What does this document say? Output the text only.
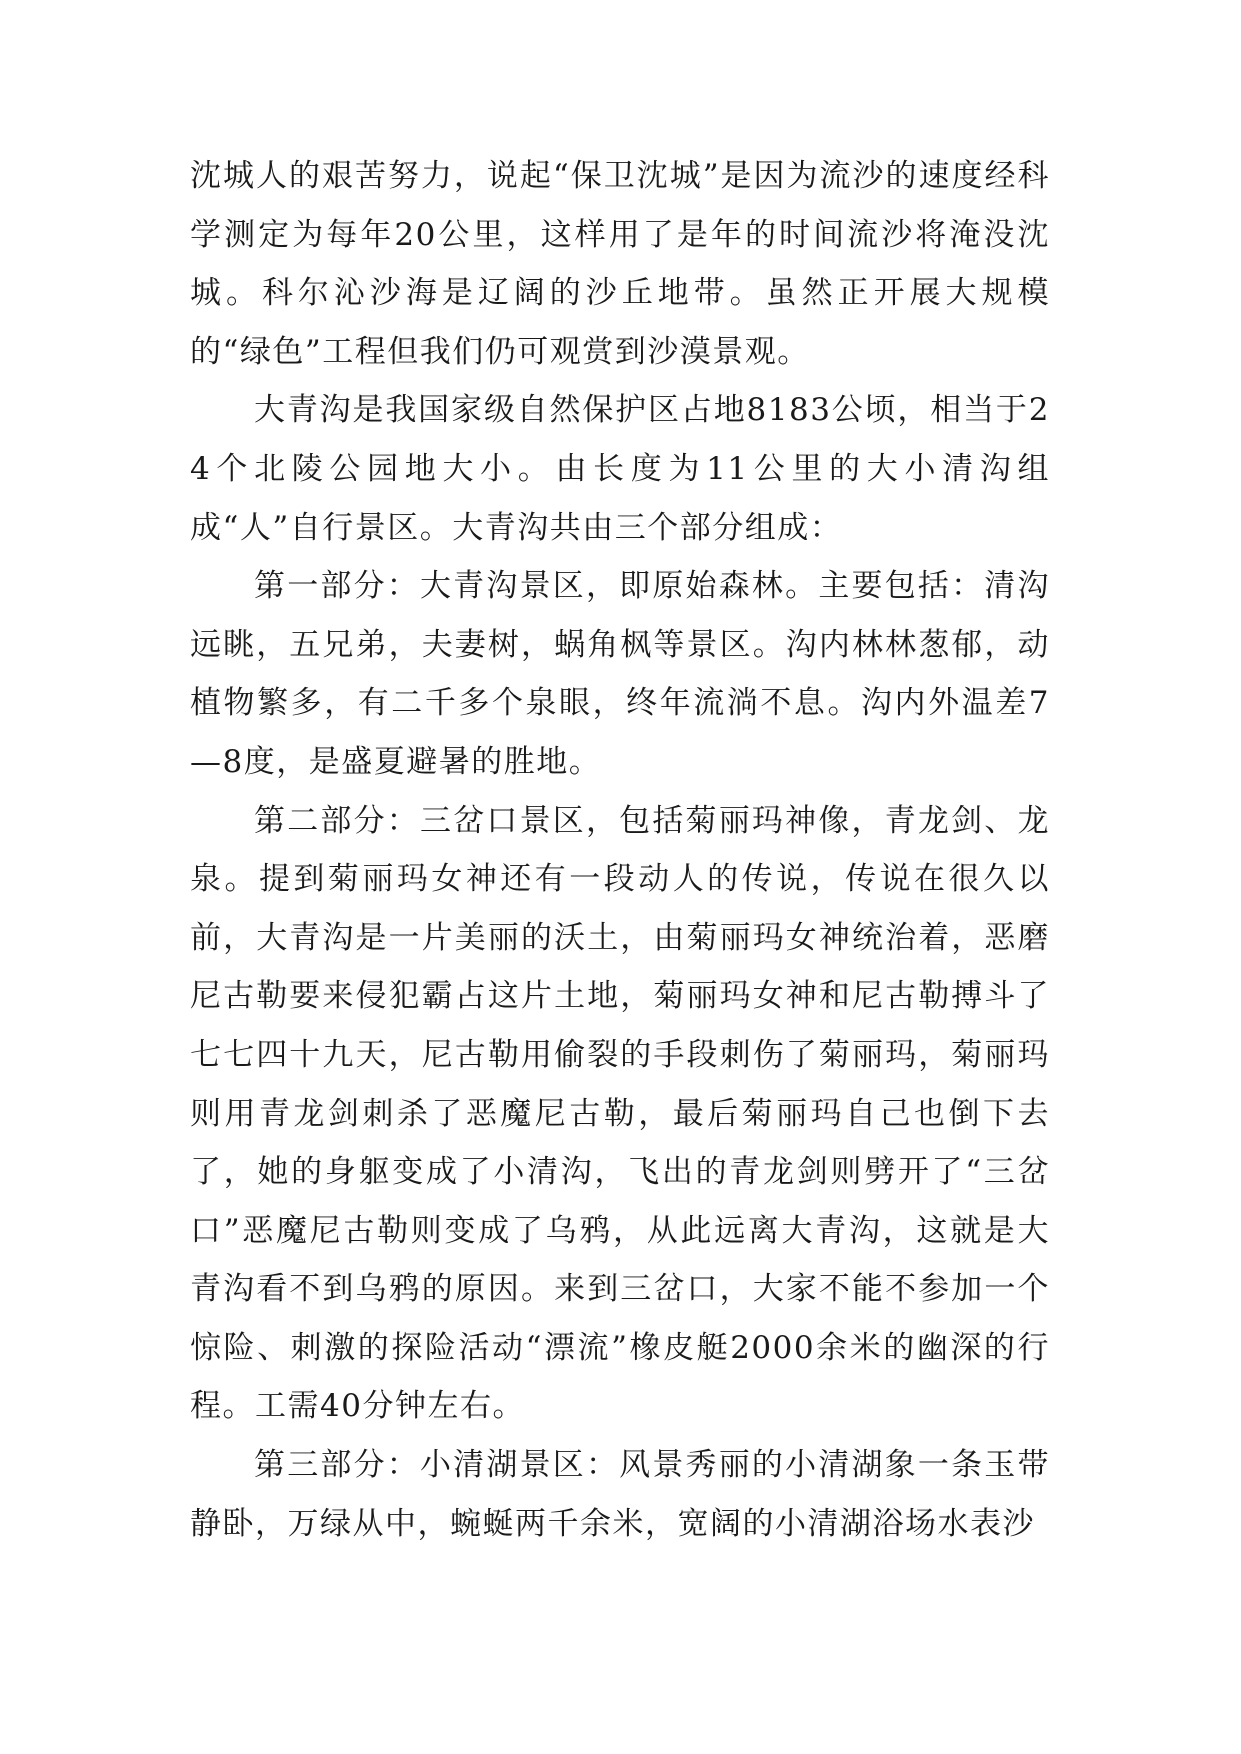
沈城人的艰苦努力，说起“保卫沈城”是因为流沙的速度经科学测定为每年20公里，这样用了是年的时间流沙将淹没沈城。科尔沁沙海是辽阔的沙丘地带。虽然正开展大规模的“绿色”工程但我们仍可观赏到沙漠景观。

大青沟是我国家级自然保护区占地8183公顷，相当于24个北陵公园地大小。由长度为11公里的大小清沟组成“人”自行景区。大青沟共由三个部分组成：

第一部分：大青沟景区，即原始森林。主要包括：清沟远眺，五兄弟，夫妻树，蜗角枫等景区。沟内林林葱郁，动植物繁多，有二千多个泉眼，终年流淌不息。沟内外温差7—8度，是盛夏避暑的胜地。

第二部分：三岔口景区，包括菊丽玛神像，青龙剑、龙泉。提到菊丽玛女神还有一段动人的传说，传说在很久以前，大青沟是一片美丽的沃土，由菊丽玛女神统治着，恶磨尼古勒要来侵犯霸占这片土地，菊丽玛女神和尼古勒搏斗了七七四十九天，尼古勒用偷裂的手段刺伤了菊丽玛，菊丽玛则用青龙剑刺杀了恶魔尼古勒，最后菊丽玛自己也倒下去了，她的身躯变成了小清沟，飞出的青龙剑则劈开了“三岔口”恶魔尼古勒则变成了乌鸦，从此远离大青沟，这就是大青沟看不到乌鸦的原因。来到三岔口，大家不能不参加一个惊险、刺激的探险活动“漂流”橡皮艇2000余米的幽深的行程。工需40分钟左右。

第三部分：小清湖景区：风景秀丽的小清湖象一条玉带静卧，万绿从中，蜿蜒两千余米，宽阔的小清湖浴场水表沙
